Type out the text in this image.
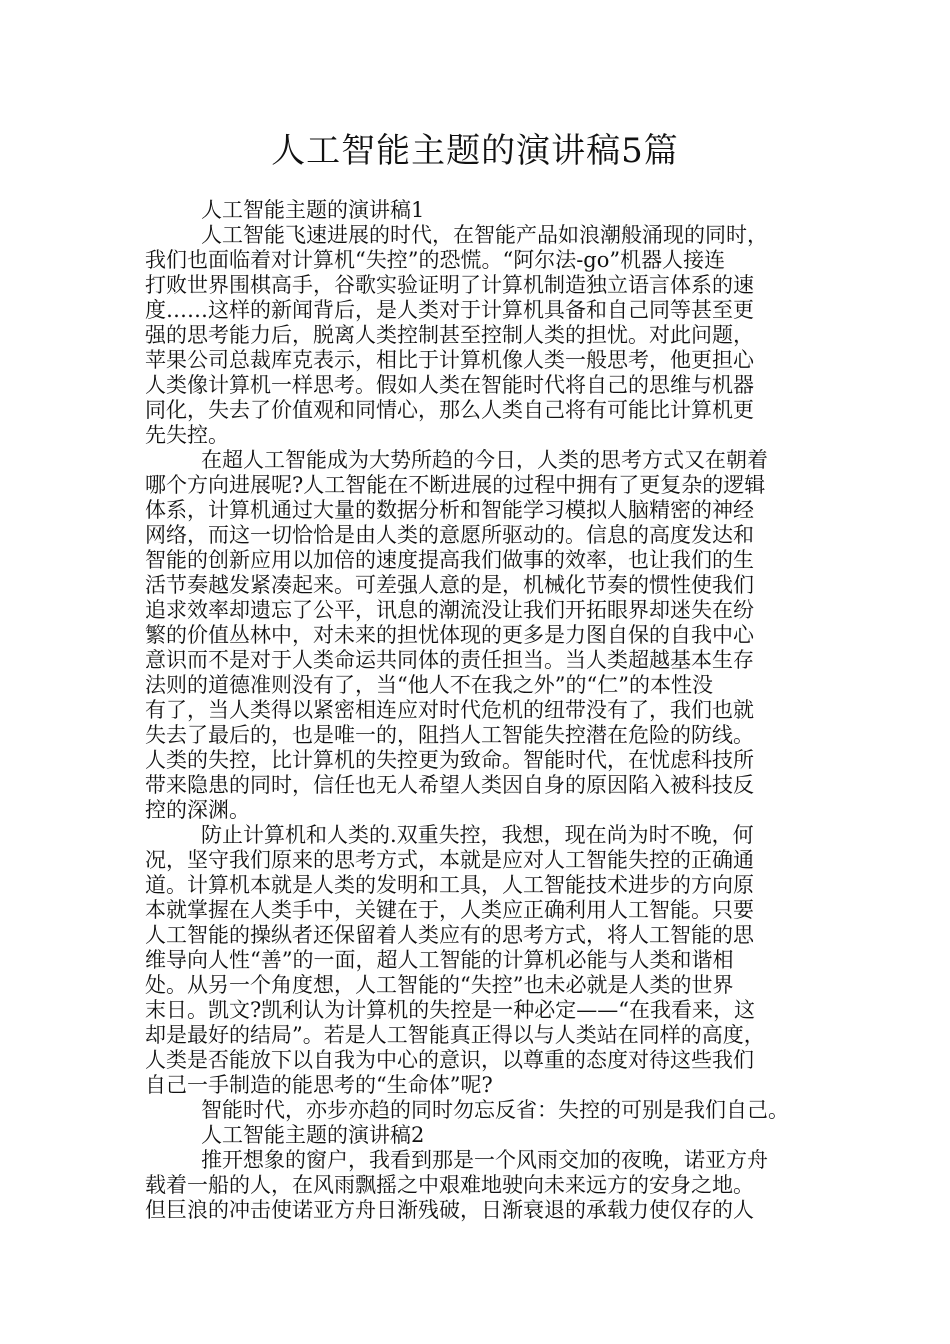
人工智能主题的演讲稿5篇
人工智能主题的演讲稿1
人工智能飞速进展的时代，在智能产品如浪潮般涌现的同时，
我们也面临着对计算机“失控”的恐慌。“阿尔法-go”机器人接连
打败世界围棋高手，谷歌实验证明了计算机制造独立语言体系的速
度……这样的新闻背后，是人类对于计算机具备和自己同等甚至更
强的思考能力后，脱离人类控制甚至控制人类的担忧。对此问题，
苹果公司总裁库克表示，相比于计算机像人类一般思考，他更担心
人类像计算机一样思考。假如人类在智能时代将自己的思维与机器
同化，失去了价值观和同情心，那么人类自己将有可能比计算机更
先失控。
在超人工智能成为大势所趋的今日，人类的思考方式又在朝着
哪个方向进展呢?人工智能在不断进展的过程中拥有了更复杂的逻辑
体系，计算机通过大量的数据分析和智能学习模拟人脑精密的神经
网络，而这一切恰恰是由人类的意愿所驱动的。信息的高度发达和
智能的创新应用以加倍的速度提高我们做事的效率，也让我们的生
活节奏越发紧凑起来。可差强人意的是，机械化节奏的惯性使我们
追求效率却遗忘了公平，讯息的潮流没让我们开拓眼界却迷失在纷
繁的价值丛林中，对未来的担忧体现的更多是力图自保的自我中心
意识而不是对于人类命运共同体的责任担当。当人类超越基本生存
法则的道德准则没有了，当“他人不在我之外”的“仁”的本性没
有了，当人类得以紧密相连应对时代危机的纽带没有了，我们也就
失去了最后的，也是唯一的，阻挡人工智能失控潜在危险的防线。
人类的失控，比计算机的失控更为致命。智能时代，在忧虑科技所
带来隐患的同时，信任也无人希望人类因自身的原因陷入被科技反
控的深渊。
防止计算机和人类的.双重失控，我想，现在尚为时不晚，何
况，坚守我们原来的思考方式，本就是应对人工智能失控的正确通
道。计算机本就是人类的发明和工具，人工智能技术进步的方向原
本就掌握在人类手中，关键在于，人类应正确利用人工智能。只要
人工智能的操纵者还保留着人类应有的思考方式，将人工智能的思
维导向人性“善”的一面，超人工智能的计算机必能与人类和谐相
处。从另一个角度想，人工智能的“失控”也未必就是人类的世界
末日。凯文?凯利认为计算机的失控是一种必定——“在我看来，这
却是最好的结局”。若是人工智能真正得以与人类站在同样的高度，
人类是否能放下以自我为中心的意识，以尊重的态度对待这些我们
自己一手制造的能思考的“生命体”呢?
智能时代，亦步亦趋的同时勿忘反省：失控的可别是我们自己。
人工智能主题的演讲稿2
推开想象的窗户，我看到那是一个风雨交加的夜晚，诺亚方舟
载着一船的人，在风雨飘摇之中艰难地驶向未来远方的安身之地。
但巨浪的冲击使诺亚方舟日渐残破，日渐衰退的承载力使仅存的人
